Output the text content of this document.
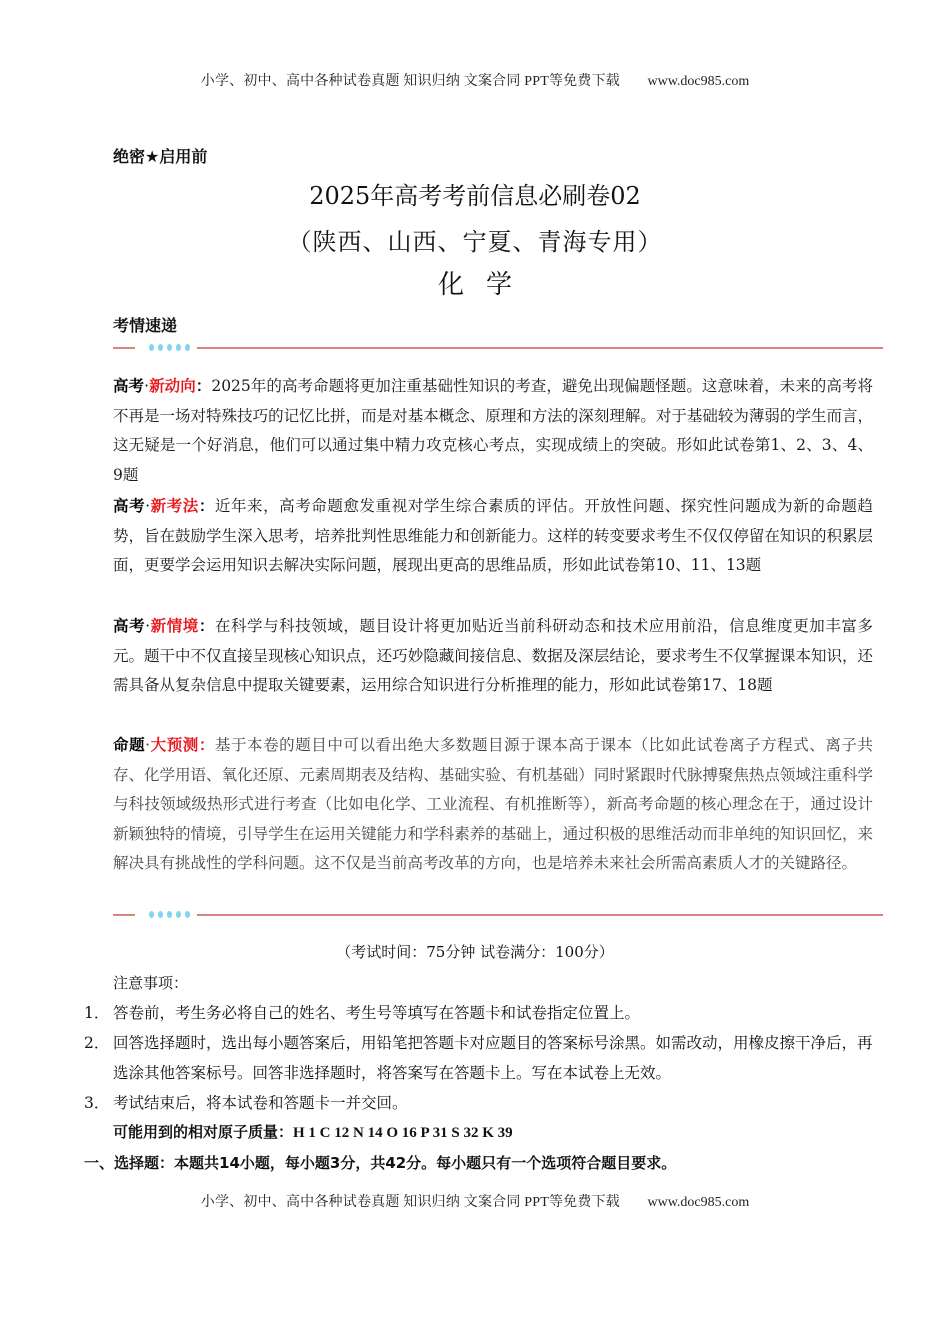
小学、初中、高中各种试卷真题 知识归纳 文案合同 PPT等免费下载 www.doc985.com
绝密★启用前
2025年高考考前信息必刷卷02
（陕西、山西、宁夏、青海专用）
化学
考情速递
高考·新动向：2025年的高考命题将更加注重基础性知识的考查，避免出现偏题怪题。这意味着，未来的高考将不再是一场对特殊技巧的记忆比拼，而是对基本概念、原理和方法的深刻理解。对于基础较为薄弱的学生而言，这无疑是一个好消息，他们可以通过集中精力攻克核心考点，实现成绩上的突破。形如此试卷第1、2、3、4、9题
高考·新考法：近年来，高考命题愈发重视对学生综合素质的评估。开放性问题、探究性问题成为新的命题趋势，旨在鼓励学生深入思考，培养批判性思维能力和创新能力。这样的转变要求考生不仅仅停留在知识的积累层面，更要学会运用知识去解决实际问题，展现出更高的思维品质，形如此试卷第10、11、13题
高考·新情境：在科学与科技领域，题目设计将更加贴近当前科研动态和技术应用前沿，信息维度更加丰富多元。题干中不仅直接呈现核心知识点，还巧妙隐藏间接信息、数据及深层结论，要求考生不仅掌握课本知识，还需具备从复杂信息中提取关键要素，运用综合知识进行分析推理的能力，形如此试卷第17、18题
命题·大预测：基于本卷的题目中可以看出绝大多数题目源于课本高于课本（比如此试卷离子方程式、离子共存、化学用语、氧化还原、元素周期表及结构、基础实验、有机基础）同时紧跟时代脉搏聚焦热点领域注重科学与科技领域级热形式进行考查（比如电化学、工业流程、有机推断等），新高考命题的核心理念在于，通过设计新颖独特的情境，引导学生在运用关键能力和学科素养的基础上，通过积极的思维活动而非单纯的知识回忆，来解决具有挑战性的学科问题。这不仅是当前高考改革的方向，也是培养未来社会所需高素质人才的关键路径。
（考试时间：75分钟 试卷满分：100分）
注意事项：
1． 答卷前，考生务必将自己的姓名、考生号等填写在答题卡和试卷指定位置上。
2． 回答选择题时，选出每小题答案后，用铅笔把答题卡对应题目的答案标号涂黑。如需改动，用橡皮擦干净后，再选涂其他答案标号。回答非选择题时，将答案写在答题卡上。写在本试卷上无效。
3． 考试结束后，将本试卷和答题卡一并交回。
可能用到的相对原子质量：H 1 C 12 N 14 O 16 P 31 S 32 K 39
一、选择题：本题共14小题，每小题3分，共42分。每小题只有一个选项符合题目要求。
小学、初中、高中各种试卷真题 知识归纳 文案合同 PPT等免费下载 www.doc985.com
